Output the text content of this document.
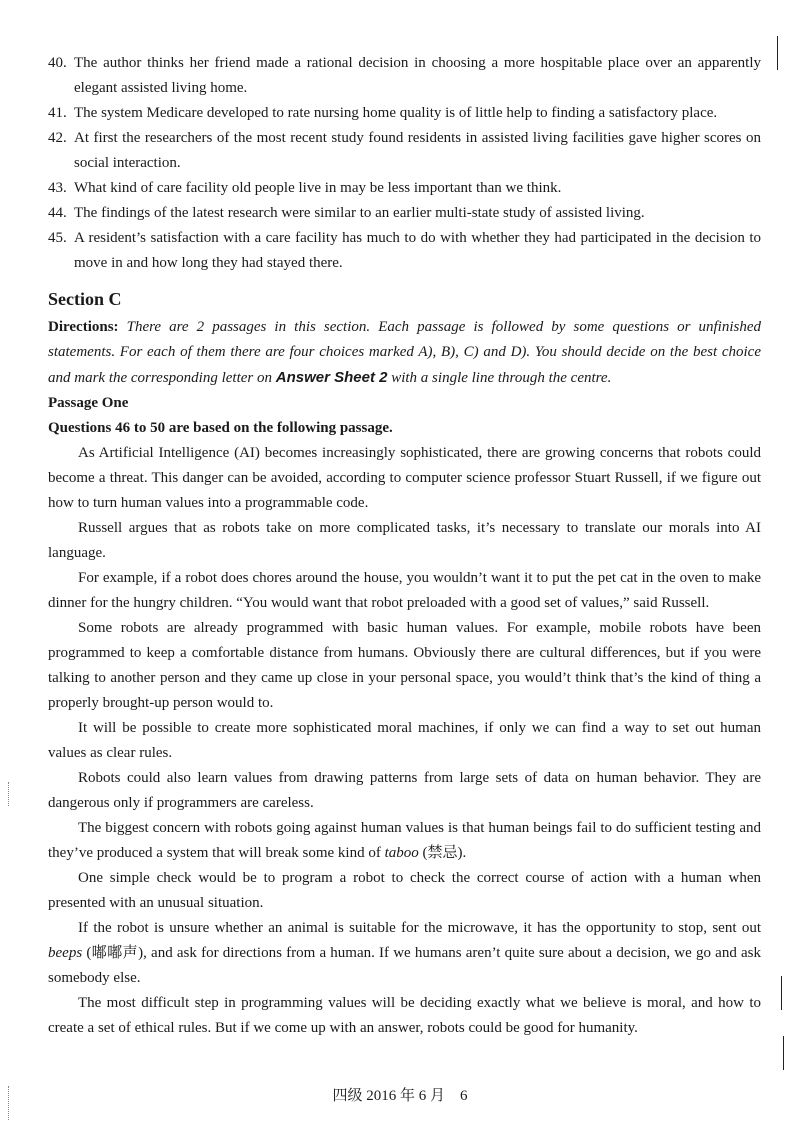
40. The author thinks her friend made a rational decision in choosing a more hospitable place over an apparently elegant assisted living home.

41. The system Medicare developed to rate nursing home quality is of little help to finding a satisfactory place.

42. At first the researchers of the most recent study found residents in assisted living facilities gave higher scores on social interaction.

43. What kind of care facility old people live in may be less important than we think.

44. The findings of the latest research were similar to an earlier multi-state study of assisted living.

45. A resident’s satisfaction with a care facility has much to do with whether they had participated in the decision to move in and how long they had stayed there.

Section C

Directions: There are 2 passages in this section. Each passage is followed by some questions or unfinished statements. For each of them there are four choices marked A), B), C) and D). You should decide on the best choice and mark the corresponding letter on Answer Sheet 2 with a single line through the centre.

Passage One

Questions 46 to 50 are based on the following passage.

As Artificial Intelligence (AI) becomes increasingly sophisticated, there are growing concerns that robots could become a threat. This danger can be avoided, according to computer science professor Stuart Russell, if we figure out how to turn human values into a programmable code.

Russell argues that as robots take on more complicated tasks, it’s necessary to translate our morals into AI language.

For example, if a robot does chores around the house, you wouldn’t want it to put the pet cat in the oven to make dinner for the hungry children. “You would want that robot preloaded with a good set of values,” said Russell.

Some robots are already programmed with basic human values. For example, mobile robots have been programmed to keep a comfortable distance from humans. Obviously there are cultural differences, but if you were talking to another person and they came up close in your personal space, you would’t think that’s the kind of thing a properly brought-up person would to.

It will be possible to create more sophisticated moral machines, if only we can find a way to set out human values as clear rules.

Robots could also learn values from drawing patterns from large sets of data on human behavior. They are dangerous only if programmers are careless.

The biggest concern with robots going against human values is that human beings fail to do sufficient testing and they’ve produced a system that will break some kind of taboo (禁忌).

One simple check would be to program a robot to check the correct course of action with a human when presented with an unusual situation.

If the robot is unsure whether an animal is suitable for the microwave, it has the opportunity to stop, sent out beeps (嘟嘟声), and ask for directions from a human. If we humans aren’t quite sure about a decision, we go and ask somebody else.

The most difficult step in programming values will be deciding exactly what we believe is moral, and how to create a set of ethical rules. But if we come up with an answer, robots could be good for humanity.

四级 2016 年 6 月　6
